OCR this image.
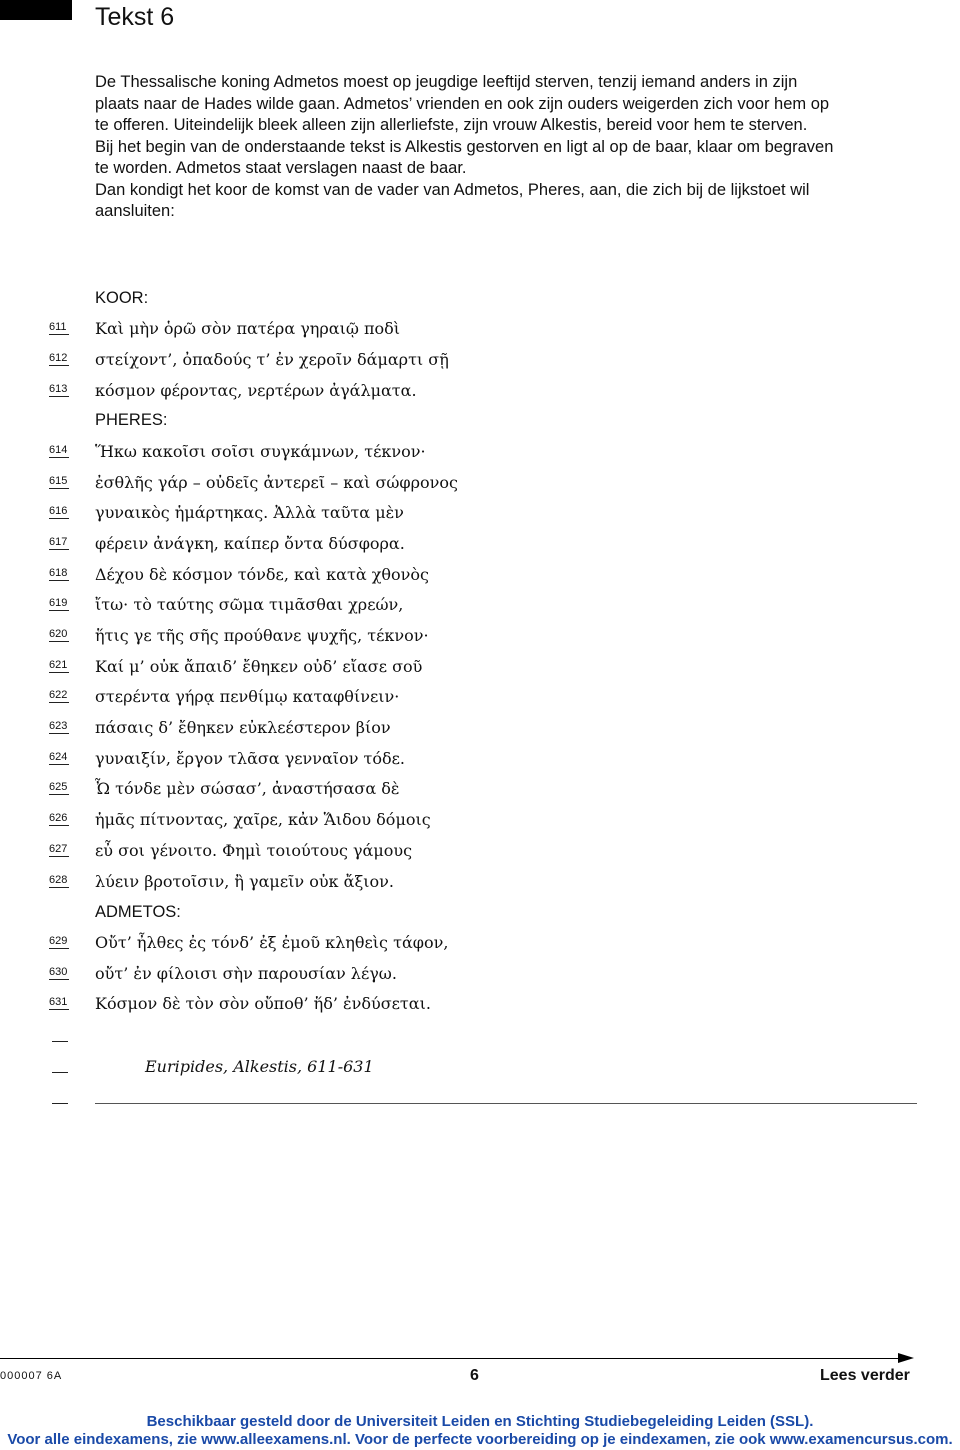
Tekst 6

De Thessalische koning Admetos moest op jeugdige leeftijd sterven, tenzij iemand anders in zijn plaats naar de Hades wilde gaan. Admetos’ vrienden en ook zijn ouders weigerden zich voor hem op te offeren. Uiteindelijk bleek alleen zijn allerliefste, zijn vrouw Alkestis, bereid voor hem te sterven.

Bij het begin van de onderstaande tekst is Alkestis gestorven en ligt al op de baar, klaar om begraven te worden. Admetos staat verslagen naast de baar.

Dan kondigt het koor de komst van de vader van Admetos, Pheres, aan, die zich bij de lijkstoet wil aansluiten:

KOOR:
611 Καὶ μὴν ὁρῶ σὸν πατέρα γηραιῷ ποδὶ
612 στείχοντ’, ὀπαδούς τ’ ἐν χεροῖν δάμαρτι σῇ
613 κόσμον φέροντας, νερτέρων ἀγάλματα.
PHERES:
614 Ἥκω κακοῖσι σοῖσι συγκάμνων, τέκνον·
615 ἐσθλῆς γάρ – οὐδεῖς ἀντερεῖ – καὶ σώφρονος
616 γυναικὸς ἡμάρτηκας. Ἀλλὰ ταῦτα μὲν
617 φέρειν ἀνάγκη, καίπερ ὄντα δύσφορα.
618 Δέχου δὲ κόσμον τόνδε, καὶ κατὰ χθονὸς
619 ἴτω· τὸ ταύτης σῶμα τιμᾶσθαι χρεών,
620 ἥτις γε τῆς σῆς προύθανε ψυχῆς, τέκνον·
621 Καί μ’ οὐκ ἄπαιδ’ ἔθηκεν οὐδ’ εἴασε σοῦ
622 στερέντα γήρᾳ πενθίμῳ καταφθίνειν·
623 πάσαις δ’ ἔθηκεν εὐκλεέστερον βίον
624 γυναιξίν, ἔργον τλᾶσα γενναῖον τόδε.
625 Ὦ τόνδε μὲν σώσασ’, ἀναστήσασα δὲ
626 ἡμᾶς πίτνοντας, χαῖρε, κἀν Ἅιδου δόμοις
627 εὖ σοι γένοιτο. Φημὶ τοιούτους γάμους
628 λύειν βροτοῖσιν, ἢ γαμεῖν οὐκ ἄξιον.
ADMETOS:
629 Οὔτ’ ἦλθες ἐς τόνδ’ ἐξ ἐμοῦ κληθεὶς τάφον,
630 οὔτ’ ἐν φίλοισι σὴν παρουσίαν λέγω.
631 Κόσμον δὲ τὸν σὸν οὔποθ’ ἥδ’ ἐνδύσεται.
Euripides, Alkestis, 611-631
000007 6A	6	Lees verder
Beschikbaar gesteld door de Universiteit Leiden en Stichting Studiebegeleiding Leiden (SSL).
Voor alle eindexamens, zie www.alleexamens.nl. Voor de perfecte voorbereiding op je eindexamen, zie ook www.examencursus.com.
